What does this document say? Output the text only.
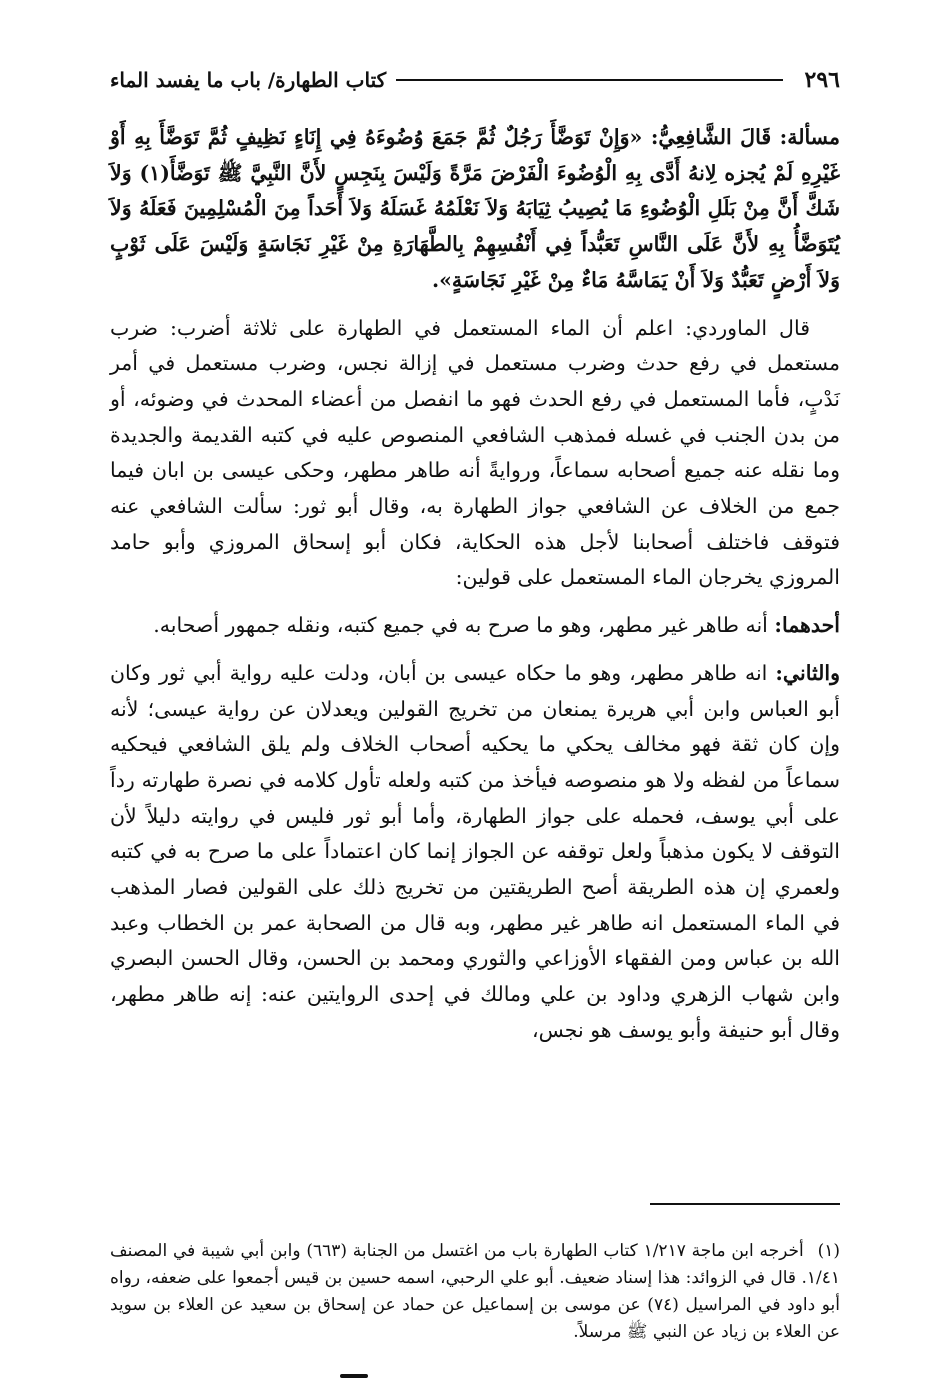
٢٩٦
كتاب الطهارة/ باب ما يفسد الماء

مسألة: قَالَ الشَّافِعِيُّ: «وَإِنْ تَوَضَّأَ رَجُلٌ ثُمَّ جَمَعَ وُضُوءَهُ فِي إِنَاءٍ نَظِيفٍ ثُمَّ تَوَضَّأَ بِهِ أَوْ غَيْرِهِ لَمْ يُجزه لِانهُ أَدَّى بِهِ الْوُضُوءَ الْفَرْضَ مَرَّةً وَلَيْسَ بِنَجِسٍ لأَنَّ النَّبِيَّ ﷺ تَوَضَّأَ(١) وَلاَ شَكَّ أَنَّ مِنْ بَلَلِ الْوُضُوءِ مَا يُصِيبُ ثِيَابَهُ وَلاَ نَعْلَمُهُ غَسَلَهُ وَلاَ أَحَداً مِنَ الْمُسْلِمِينَ فَعَلَهُ وَلاَ يُتَوَضَّأُ بِهِ لأَنَّ عَلَى النَّاسِ تَعَبُّداً فِي أَنْفُسِهِمْ بِالطَّهَارَةِ مِنْ غَيْرِ نَجَاسَةٍ وَلَيْسَ عَلَى ثَوْبٍ وَلاَ أَرْضٍ تَعَبُّدٌ وَلاَ أَنْ يَمَاسَّهُ مَاءٌ مِنْ غَيْرِ نَجَاسَةٍ».

قال الماوردي: اعلم أن الماء المستعمل في الطهارة على ثلاثة أضرب: ضرب مستعمل في رفع حدث وضرب مستعمل في إزالة نجس، وضرب مستعمل في أمر نَدْبٍ، فأما المستعمل في رفع الحدث فهو ما انفصل من أعضاء المحدث في وضوئه، أو من بدن الجنب في غسله فمذهب الشافعي المنصوص عليه في كتبه القديمة والجديدة وما نقله عنه جميع أصحابه سماعاً، وروايةً أنه طاهر مطهر، وحكى عيسى بن ابان فيما جمع من الخلاف عن الشافعي جواز الطهارة به، وقال أبو ثور: سألت الشافعي عنه فتوقف فاختلف أصحابنا لأجل هذه الحكاية، فكان أبو إسحاق المروزي وأبو حامد المروزي يخرجان الماء المستعمل على قولين:

أحدهما: أنه طاهر غير مطهر، وهو ما صرح به في جميع كتبه، ونقله جمهور أصحابه.

والثاني: انه طاهر مطهر، وهو ما حكاه عيسى بن أبان، ودلت عليه رواية أبي ثور وكان أبو العباس وابن أبي هريرة يمنعان من تخريج القولين ويعدلان عن رواية عيسى؛ لأنه وإن كان ثقة فهو مخالف يحكي ما يحكيه أصحاب الخلاف ولم يلق الشافعي فيحكيه سماعاً من لفظه ولا هو منصوصه فيأخذ من كتبه ولعله تأول كلامه في نصرة طهارته رداً على أبي يوسف، فحمله على جواز الطهارة، وأما أبو ثور فليس في روايته دليلاً لأن التوقف لا يكون مذهباً ولعل توقفه عن الجواز إنما كان اعتماداً على ما صرح به في كتبه ولعمري إن هذه الطريقة أصح الطريقتين من تخريج ذلك على القولين فصار المذهب في الماء المستعمل انه طاهر غير مطهر، وبه قال من الصحابة عمر بن الخطاب وعبد الله بن عباس ومن الفقهاء الأوزاعي والثوري ومحمد بن الحسن، وقال الحسن البصري وابن شهاب الزهري وداود بن علي ومالك في إحدى الروايتين عنه: إنه طاهر مطهر، وقال أبو حنيفة وأبو يوسف هو نجس،

(١) أخرجه ابن ماجة ١/٢١٧ كتاب الطهارة باب من اغتسل من الجنابة (٦٦٣) وابن أبي شيبة في المصنف ١/٤١. قال في الزوائد: هذا إسناد ضعيف. أبو علي الرحبي، اسمه حسين بن قيس أجمعوا على ضعفه، رواه أبو داود في المراسيل (٧٤) عن موسى بن إسماعيل عن حماد عن إسحاق بن سعيد عن العلاء بن سويد عن العلاء بن زياد عن النبي ﷺ مرسلاً.
